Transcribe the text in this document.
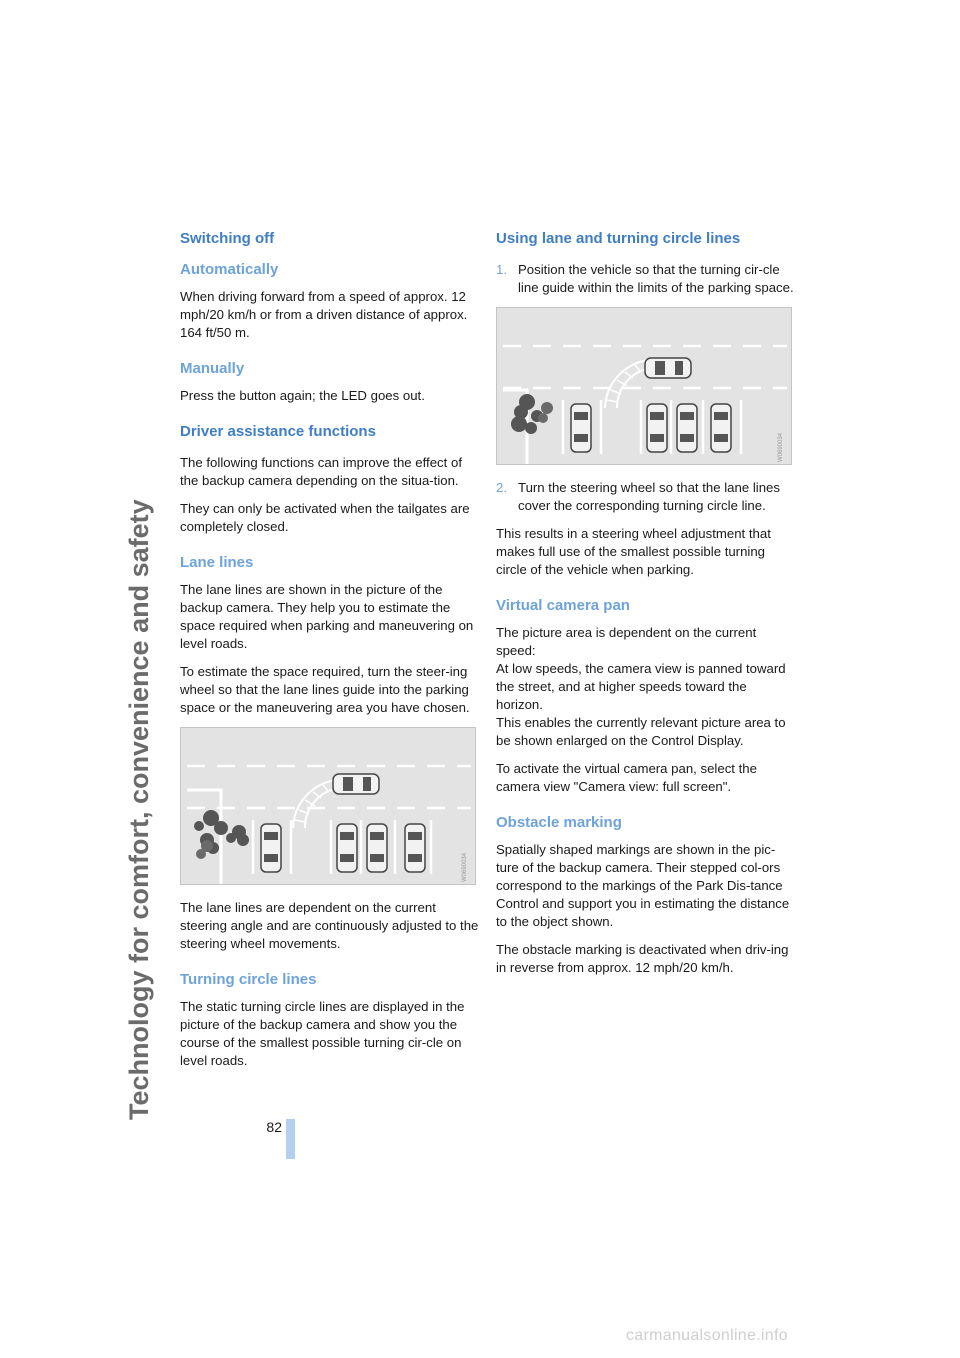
Technology for comfort, convenience and safety
Switching off
Automatically

When driving forward from a speed of approx. 12 mph/20 km/h or from a driven distance of approx. 164 ft/50 m.

Manually

Press the button again; the LED goes out.

Driver assistance functions

The following functions can improve the effect of the backup camera depending on the situa-tion.

They can only be activated when the tailgates are completely closed.

Lane lines

The lane lines are shown in the picture of the backup camera. They help you to estimate the space required when parking and maneuvering on level roads.

To estimate the space required, turn the steer-ing wheel so that the lane lines guide into the parking space or the maneuvering area you have chosen.

W0690034

The lane lines are dependent on the current steering angle and are continuously adjusted to the steering wheel movements.

Turning circle lines

The static turning circle lines are displayed in the picture of the backup camera and show you the course of the smallest possible turning cir-cle on level roads.

Using lane and turning circle lines
1. Position the vehicle so that the turning cir-cle line guide within the limits of the parking space.
W0690034
2. Turn the steering wheel so that the lane lines cover the corresponding turning circle line.

This results in a steering wheel adjustment that makes full use of the smallest possible turning circle of the vehicle when parking.

Virtual camera pan

The picture area is dependent on the current speed:
At low speeds, the camera view is panned toward the street, and at higher speeds toward the horizon.
This enables the currently relevant picture area to be shown enlarged on the Control Display.

To activate the virtual camera pan, select the camera view "Camera view: full screen".

Obstacle marking

Spatially shaped markings are shown in the pic-ture of the backup camera. Their stepped col-ors correspond to the markings of the Park Dis-tance Control and support you in estimating the distance to the object shown.

The obstacle marking is deactivated when driv-ing in reverse from approx. 12 mph/20 km/h.

82
carmanualsonline.info
